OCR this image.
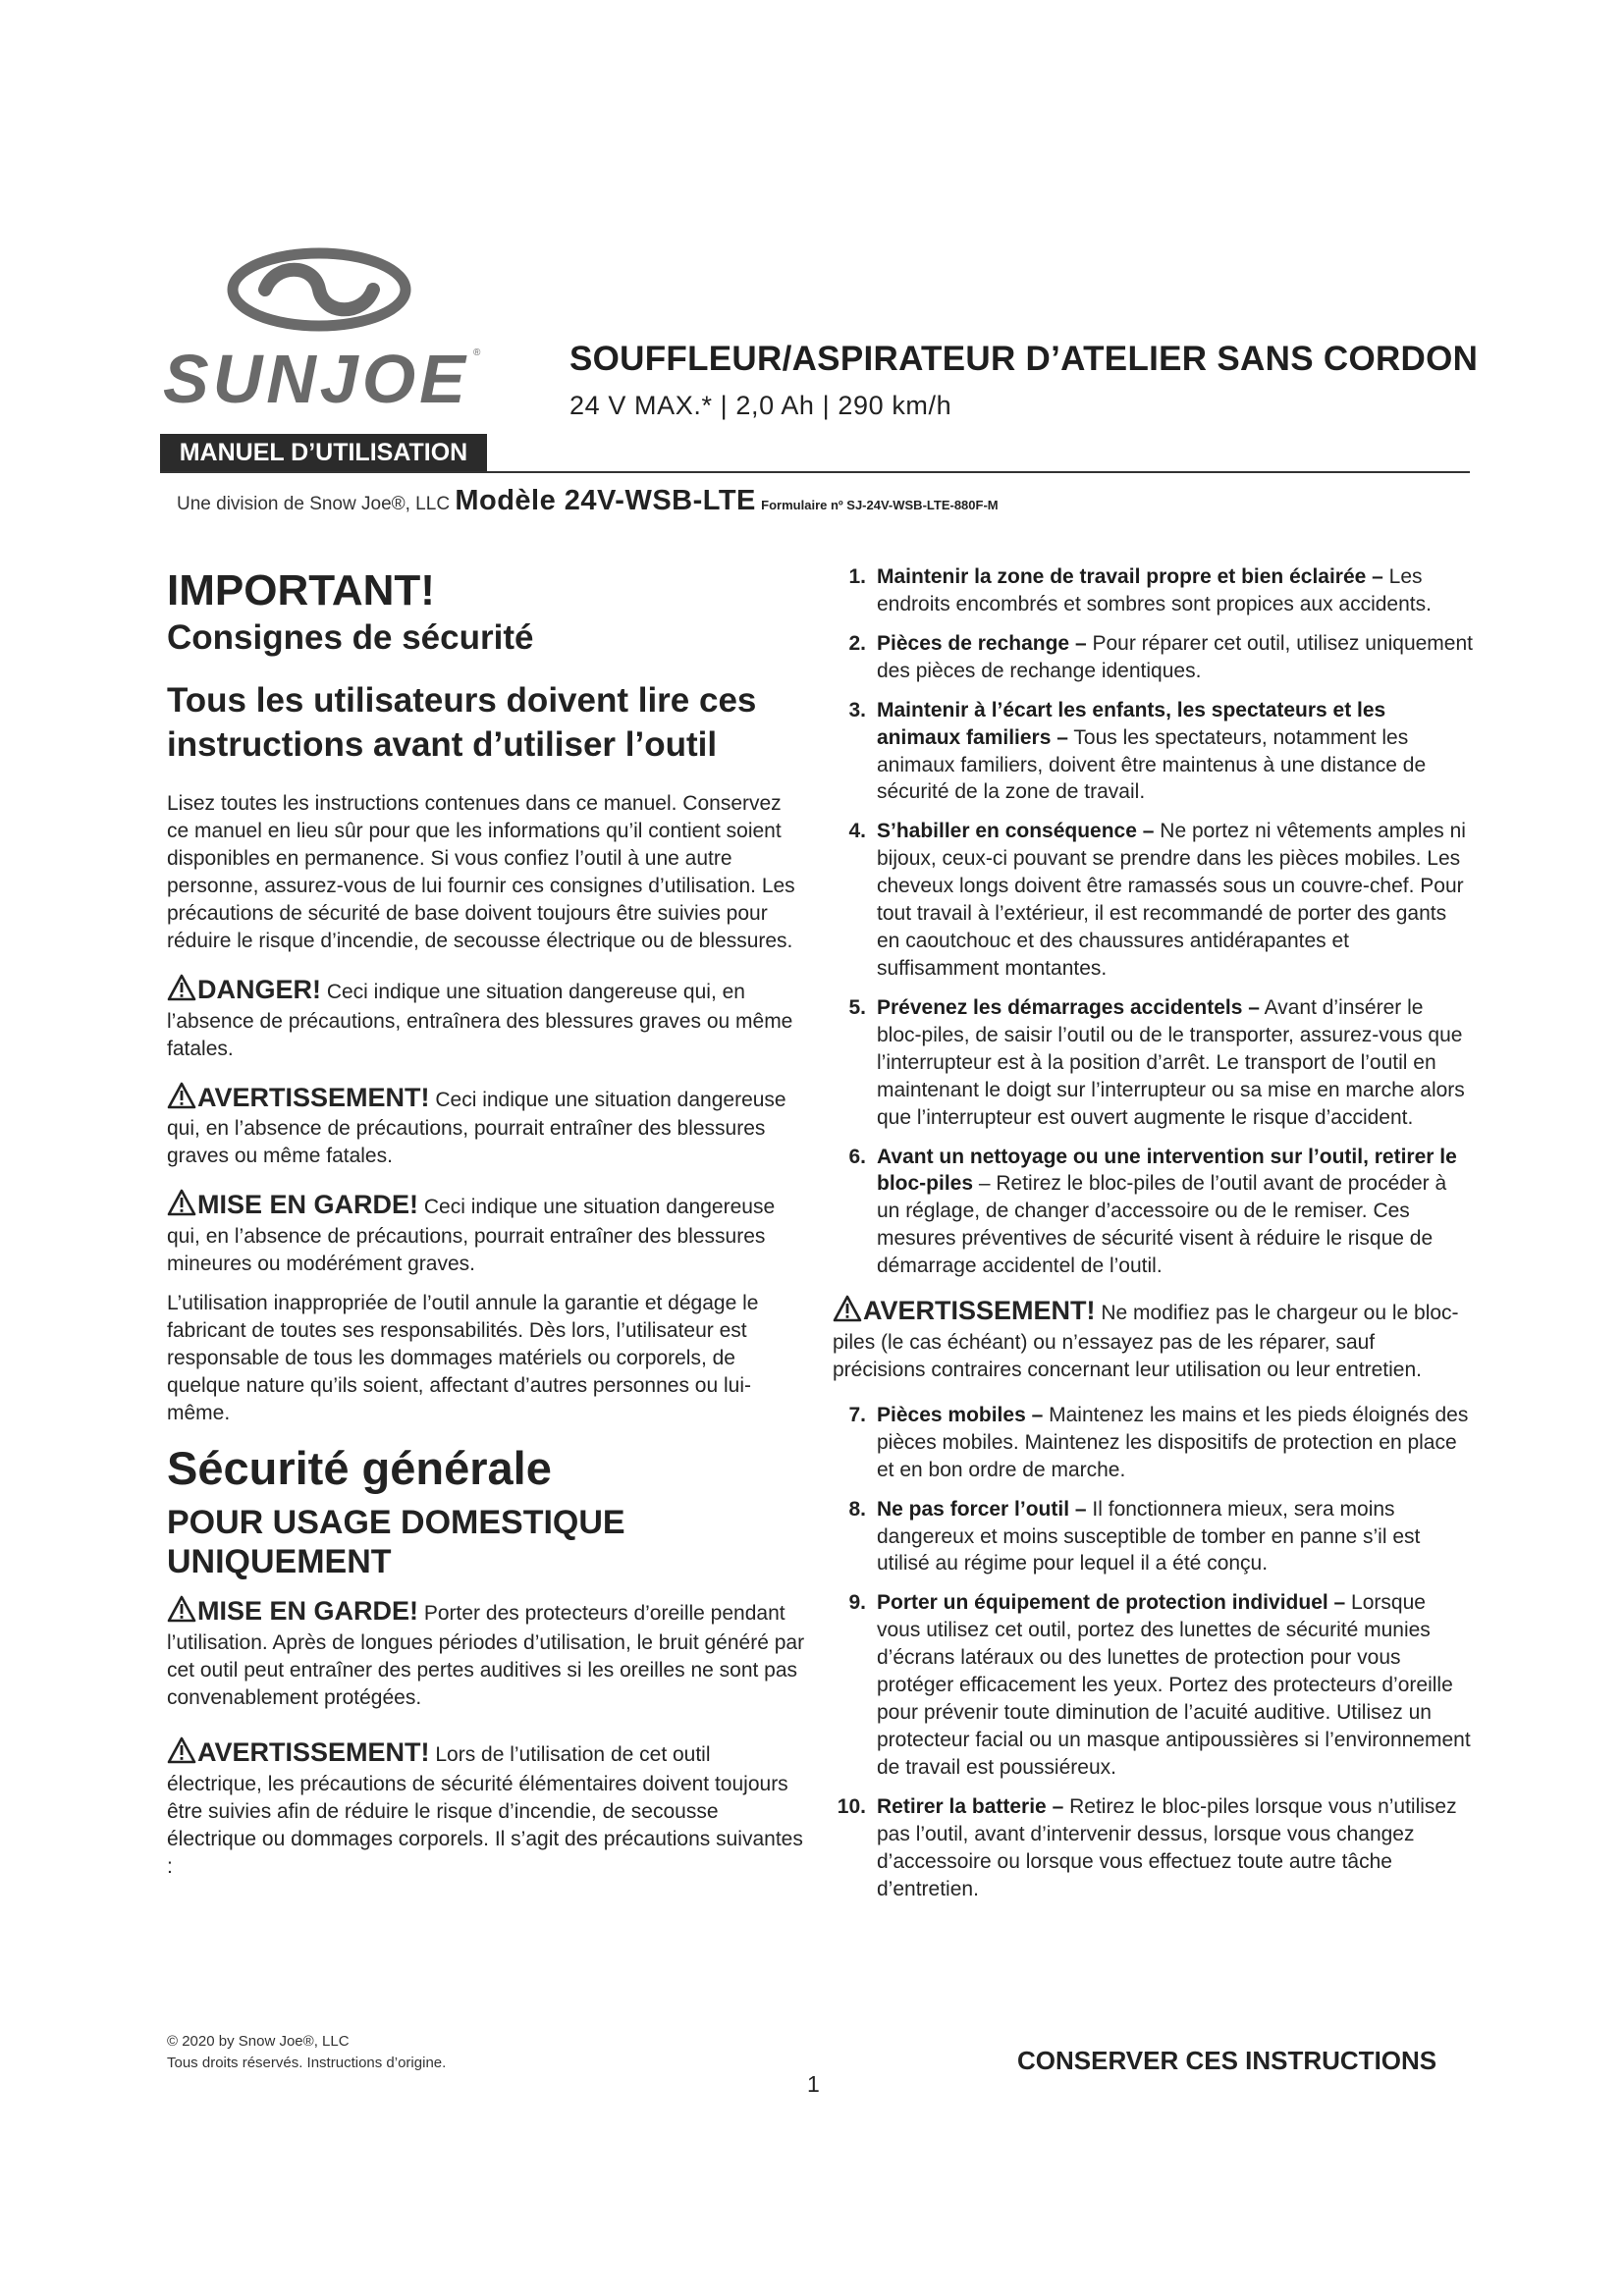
SUNJOE ®	SOUFFLEUR/ASPIRATEUR D’ATELIER SANS CORDON
24 V MAX.* | 2,0 Ah | 290 km/h
MANUEL D’UTILISATION
Une division de Snow Joe®, LLC Modèle 24V-WSB-LTE Formulaire nº SJ-24V-WSB-LTE-880F-M
IMPORTANT!
Consignes de sécurité
Tous les utilisateurs doivent lire ces instructions avant d’utiliser l’outil

Lisez toutes les instructions contenues dans ce manuel. Conservez ce manuel en lieu sûr pour que les informations qu’il contient soient disponibles en permanence. Si vous confiez l’outil à une autre personne, assurez-vous de lui fournir ces consignes d’utilisation. Les précautions de sécurité de base doivent toujours être suivies pour réduire le risque d’incendie, de secousse électrique ou de blessures.

DANGER! Ceci indique une situation dangereuse qui, en l’absence de précautions, entraînera des blessures graves ou même fatales.

AVERTISSEMENT! Ceci indique une situation dangereuse qui, en l’absence de précautions, pourrait entraîner des blessures graves ou même fatales.

MISE EN GARDE! Ceci indique une situation dangereuse qui, en l’absence de précautions, pourrait entraîner des blessures mineures ou modérément graves.

L’utilisation inappropriée de l’outil annule la garantie et dégage le fabricant de toutes ses responsabilités. Dès lors, l’utilisateur est responsable de tous les dommages matériels ou corporels, de quelque nature qu’ils soient, affectant d’autres personnes ou lui-même.

Sécurité générale
POUR USAGE DOMESTIQUE UNIQUEMENT

MISE EN GARDE! Porter des protecteurs d’oreille pendant l’utilisation. Après de longues périodes d’utilisation, le bruit généré par cet outil peut entraîner des pertes auditives si les oreilles ne sont pas convenablement protégées.

AVERTISSEMENT! Lors de l’utilisation de cet outil électrique, les précautions de sécurité élémentaires doivent toujours être suivies afin de réduire le risque d’incendie, de secousse électrique ou dommages corporels. Il s’agit des précautions suivantes :

1. Maintenir la zone de travail propre et bien éclairée – Les endroits encombrés et sombres sont propices aux accidents.

2. Pièces de rechange – Pour réparer cet outil, utilisez uniquement des pièces de rechange identiques.

3. Maintenir à l’écart les enfants, les spectateurs et les animaux familiers – Tous les spectateurs, notamment les animaux familiers, doivent être maintenus à une distance de sécurité de la zone de travail.

4. S’habiller en conséquence – Ne portez ni vêtements amples ni bijoux, ceux-ci pouvant se prendre dans les pièces mobiles. Les cheveux longs doivent être ramassés sous un couvre-chef. Pour tout travail à l’extérieur, il est recommandé de porter des gants en caoutchouc et des chaussures antidérapantes et suffisamment montantes.

5. Prévenez les démarrages accidentels – Avant d’insérer le bloc-piles, de saisir l’outil ou de le transporter, assurez-vous que l’interrupteur est à la position d’arrêt. Le transport de l’outil en maintenant le doigt sur l’interrupteur ou sa mise en marche alors que l’interrupteur est ouvert augmente le risque d’accident.

6. Avant un nettoyage ou une intervention sur l’outil, retirer le bloc-piles – Retirez le bloc-piles de l’outil avant de procéder à un réglage, de changer d’accessoire ou de le remiser. Ces mesures préventives de sécurité visent à réduire le risque de démarrage accidentel de l’outil.

AVERTISSEMENT! Ne modifiez pas le chargeur ou le bloc-piles (le cas échéant) ou n’essayez pas de les réparer, sauf précisions contraires concernant leur utilisation ou leur entretien.

7. Pièces mobiles – Maintenez les mains et les pieds éloignés des pièces mobiles. Maintenez les dispositifs de protection en place et en bon ordre de marche.

8. Ne pas forcer l’outil – Il fonctionnera mieux, sera moins dangereux et moins susceptible de tomber en panne s’il est utilisé au régime pour lequel il a été conçu.

9. Porter un équipement de protection individuel – Lorsque vous utilisez cet outil, portez des lunettes de sécurité munies d’écrans latéraux ou des lunettes de protection pour vous protéger efficacement les yeux. Portez des protecteurs d’oreille pour prévenir toute diminution de l’acuité auditive. Utilisez un protecteur facial ou un masque antipoussières si l’environnement de travail est poussiéreux.

10. Retirer la batterie – Retirez le bloc-piles lorsque vous n’utilisez pas l’outil, avant d’intervenir dessus, lorsque vous changez d’accessoire ou lorsque vous effectuez toute autre tâche d’entretien.

© 2020 by Snow Joe®, LLC
Tous droits réservés. Instructions d’origine.
1
CONSERVER CES INSTRUCTIONS
